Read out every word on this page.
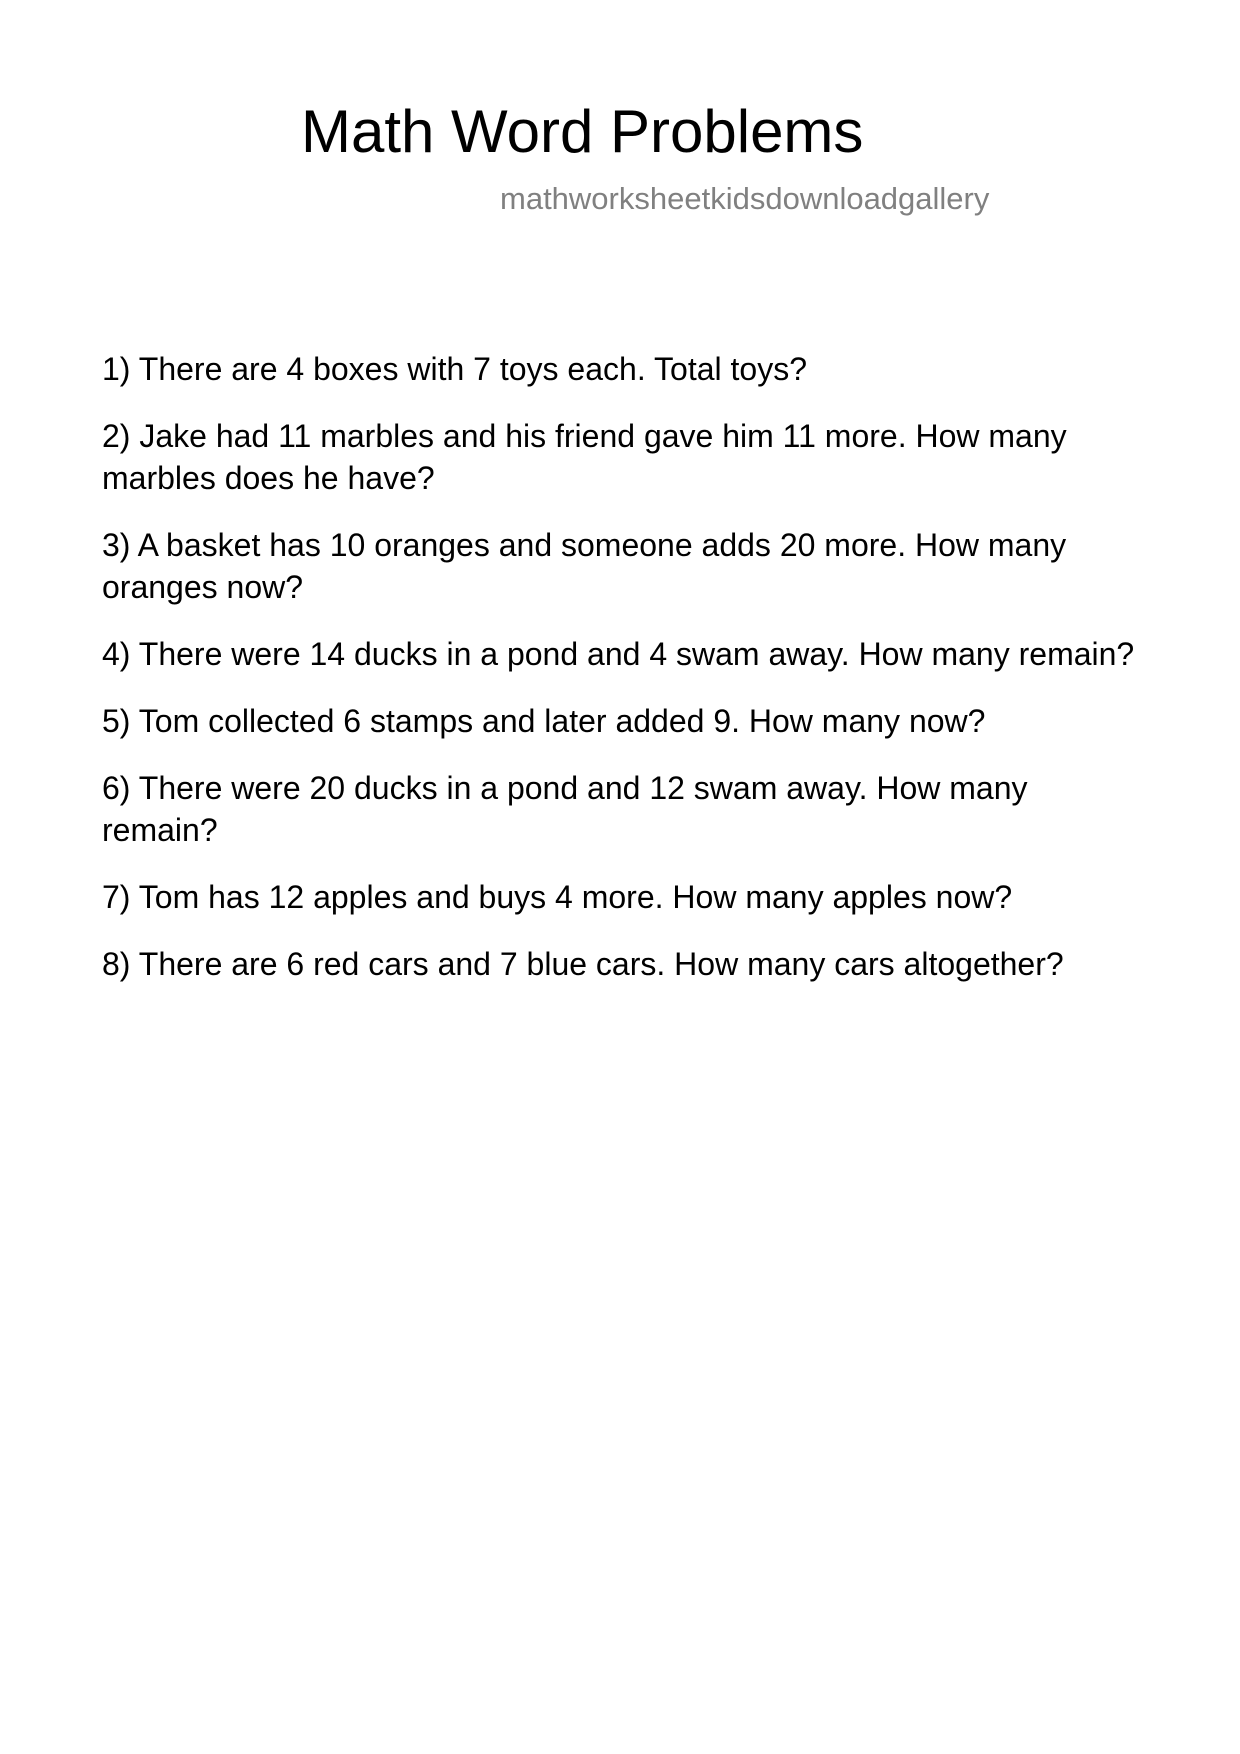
Math Word Problems
mathworksheetkidsdownloadgallery
1) There are 4 boxes with 7 toys each. Total toys?
2) Jake had 11 marbles and his friend gave him 11 more. How many marbles does he have?
3) A basket has 10 oranges and someone adds 20 more. How many oranges now?
4) There were 14 ducks in a pond and 4 swam away. How many remain?
5) Tom collected 6 stamps and later added 9. How many now?
6) There were 20 ducks in a pond and 12 swam away. How many remain?
7) Tom has 12 apples and buys 4 more. How many apples now?
8) There are 6 red cars and 7 blue cars. How many cars altogether?
